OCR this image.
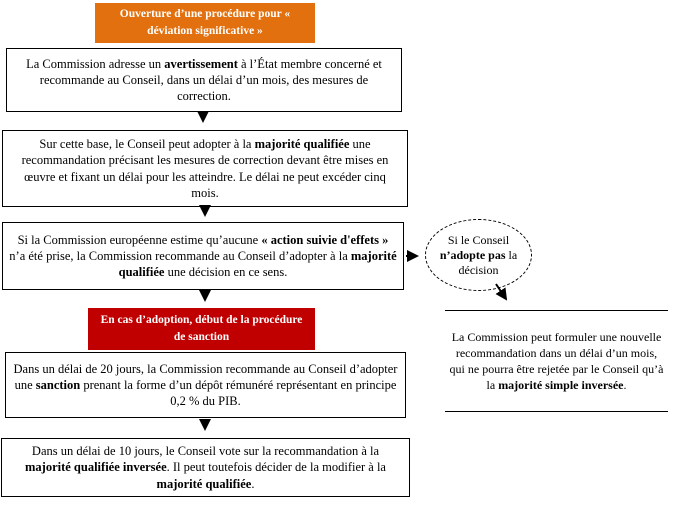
Ouverture d’une procédure pour « déviation significative »
La Commission adresse un avertissement à l’État membre concerné et recommande au Conseil, dans un délai d’un mois, des mesures de correction.
Sur cette base, le Conseil peut adopter à la majorité qualifiée une recommandation précisant les mesures de correction devant être mises en œuvre et fixant un délai pour les atteindre. Le délai ne peut excéder cinq mois.
Si la Commission européenne estime qu’aucune « action suivie d'effets » n’a été prise, la Commission recommande au Conseil d’adopter à la majorité qualifiée une décision en ce sens.
En cas d’adoption, début de la procédure de sanction
Dans un délai de 20 jours, la Commission recommande au Conseil d’adopter une sanction prenant la forme d’un dépôt rémunéré représentant en principe 0,2 % du PIB.
Dans un délai de 10 jours, le Conseil vote sur la recommandation à la majorité qualifiée inversée. Il peut toutefois décider de la modifier à la majorité qualifiée.
Si le Conseil n’adopte pas la décision
La Commission peut formuler une nouvelle recommandation dans un délai d’un mois, qui ne pourra être rejetée par le Conseil qu’à la majorité simple inversée.
